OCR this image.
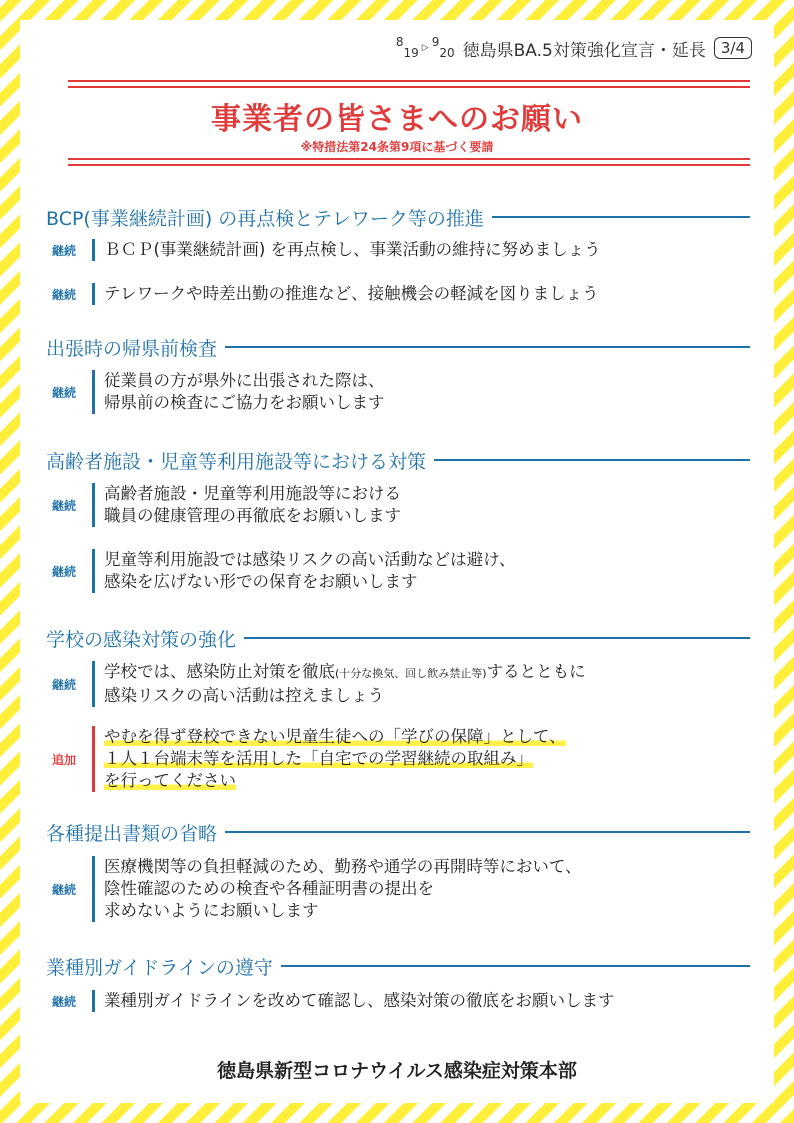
8
19 ▷ 9
20 徳島県BA.5対策強化宣言・延長	3/4
事業者の皆さまへのお願い
※特措法第24条第9項に基づく要請
BCP(事業継続計画) の再点検とテレワーク等の推進
継続	ＢＣＰ(事業継続計画) を再点検し、事業活動の維持に努めましょう
継続	テレワークや時差出勤の推進など、接触機会の軽減を図りましょう
出張時の帰県前検査
継続
従業員の方が県外に出張された際は、
帰県前の検査にご協力をお願いします
高齢者施設・児童等利用施設等における対策
継続
高齢者施設・児童等利用施設等における
職員の健康管理の再徹底をお願いします
継続
児童等利用施設では感染リスクの高い活動などは避け、
感染を広げない形での保育をお願いします
学校の感染対策の強化
継続
学校では、感染防止対策を徹底(十分な換気、回し飲み禁止等)するとともに
感染リスクの高い活動は控えましょう
追加
やむを得ず登校できない児童生徒への「学びの保障」として、
１人１台端末等を活用した「自宅での学習継続の取組み」
を行ってください
各種提出書類の省略
継続
医療機関等の負担軽減のため、勤務や通学の再開時等において、
陰性確認のための検査や各種証明書の提出を
求めないようにお願いします
業種別ガイドラインの遵守
継続	業種別ガイドラインを改めて確認し、感染対策の徹底をお願いします
徳島県新型コロナウイルス感染症対策本部
